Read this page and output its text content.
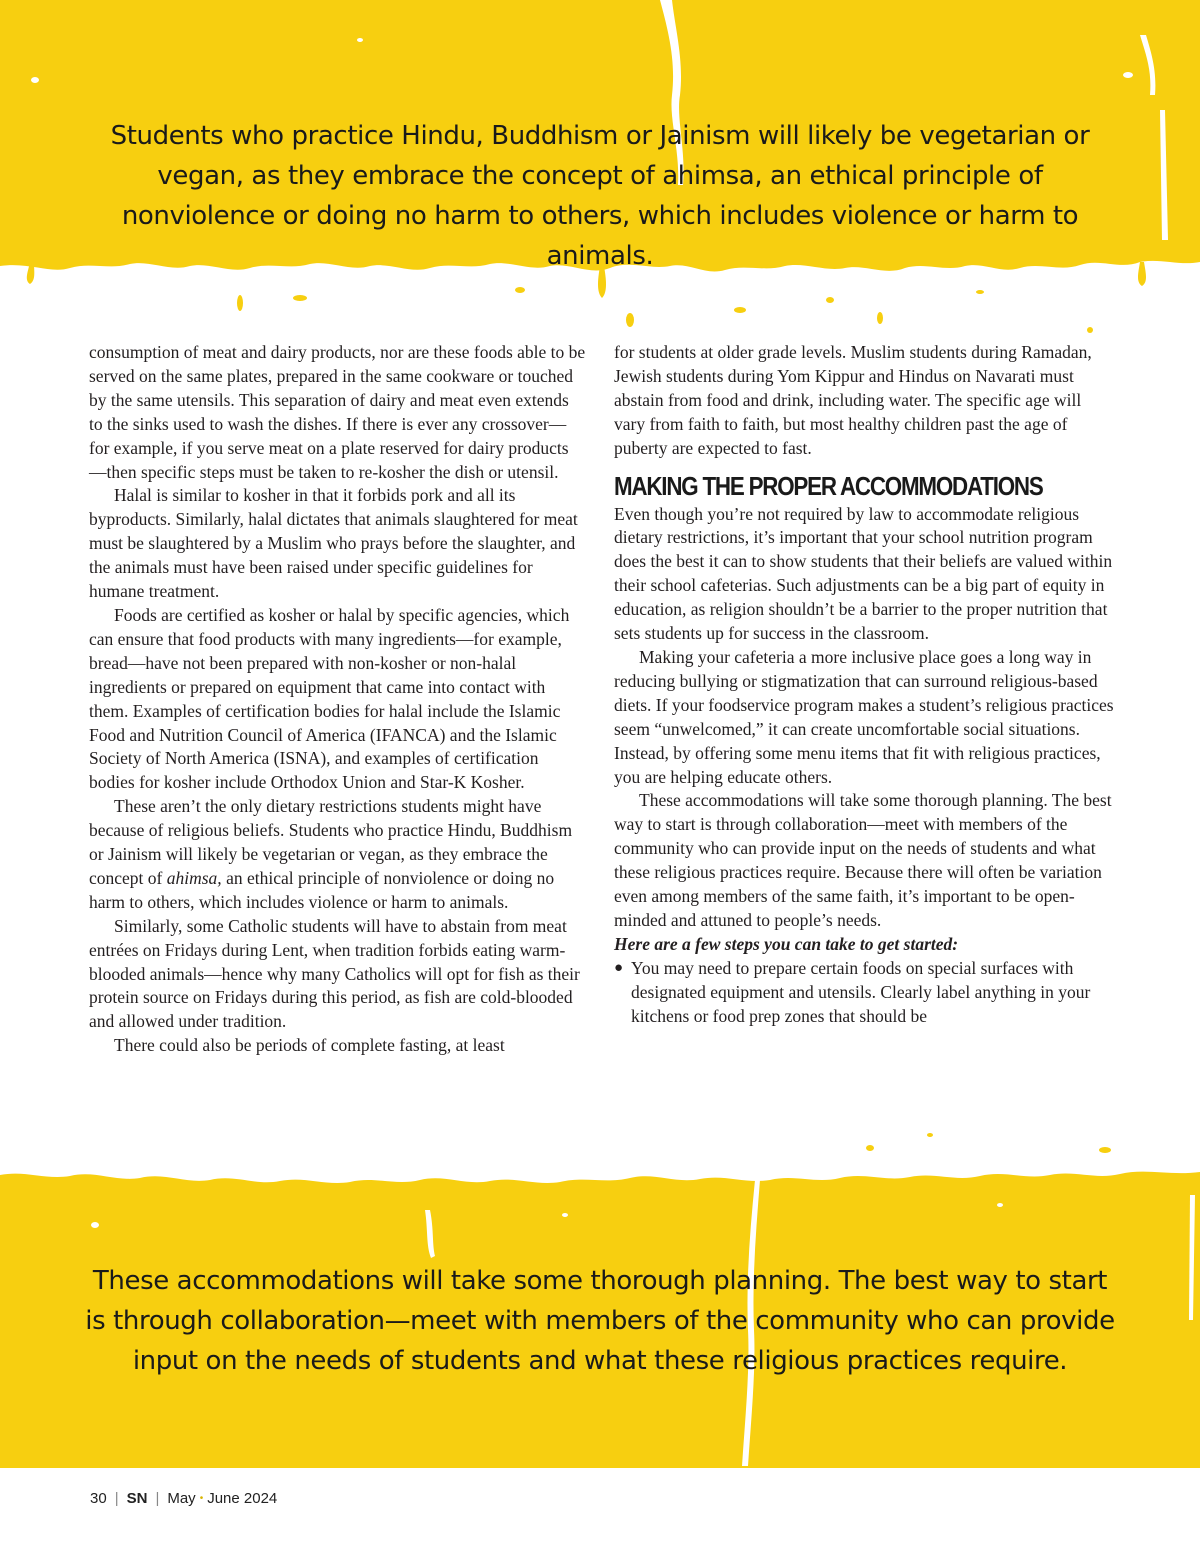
Students who practice Hindu, Buddhism or Jainism will likely be vegetarian or vegan, as they embrace the concept of ahimsa, an ethical principle of nonviolence or doing no harm to others, which includes violence or harm to animals.

consumption of meat and dairy products, nor are these foods able to be served on the same plates, prepared in the same cookware or touched by the same utensils. This separation of dairy and meat even extends to the sinks used to wash the dishes. If there is ever any crossover—for example, if you serve meat on a plate reserved for dairy products—then specific steps must be taken to re-kosher the dish or utensil.

Halal is similar to kosher in that it forbids pork and all its byproducts. Similarly, halal dictates that animals slaughtered for meat must be slaughtered by a Muslim who prays before the slaughter, and the animals must have been raised under specific guidelines for humane treatment.

Foods are certified as kosher or halal by specific agencies, which can ensure that food products with many ingredients—for example, bread—have not been prepared with non-kosher or non-halal ingredients or prepared on equipment that came into contact with them. Examples of certification bodies for halal include the Islamic Food and Nutrition Council of America (IFANCA) and the Islamic Society of North America (ISNA), and examples of certification bodies for kosher include Orthodox Union and Star-K Kosher.

These aren’t the only dietary restrictions students might have because of religious beliefs. Students who practice Hindu, Buddhism or Jainism will likely be vegetarian or vegan, as they embrace the concept of ahimsa, an ethical principle of nonviolence or doing no harm to others, which includes violence or harm to animals.

Similarly, some Catholic students will have to abstain from meat entrées on Fridays during Lent, when tradition forbids eating warm-blooded animals—hence why many Catholics will opt for fish as their protein source on Fridays during this period, as fish are cold-blooded and allowed under tradition.

There could also be periods of complete fasting, at least

for students at older grade levels. Muslim students during Ramadan, Jewish students during Yom Kippur and Hindus on Navarati must abstain from food and drink, including water. The specific age will vary from faith to faith, but most healthy children past the age of puberty are expected to fast.

MAKING THE PROPER ACCOMMODATIONS

Even though you’re not required by law to accommodate religious dietary restrictions, it’s important that your school nutrition program does the best it can to show students that their beliefs are valued within their school cafeterias. Such adjustments can be a big part of equity in education, as religion shouldn’t be a barrier to the proper nutrition that sets students up for success in the classroom.

Making your cafeteria a more inclusive place goes a long way in reducing bullying or stigmatization that can surround religious-based diets. If your foodservice program makes a student’s religious practices seem “unwelcomed,” it can create uncomfortable social situations. Instead, by offering some menu items that fit with religious practices, you are helping educate others.

These accommodations will take some thorough planning. The best way to start is through collaboration—meet with members of the community who can provide input on the needs of students and what these religious practices require. Because there will often be variation even among members of the same faith, it’s important to be open-minded and attuned to people’s needs.

Here are a few steps you can take to get started:

● You may need to prepare certain foods on special surfaces with designated equipment and utensils. Clearly label anything in your kitchens or food prep zones that should be

These accommodations will take some thorough planning. The best way to start is through collaboration—meet with members of the community who can provide input on the needs of students and what these religious practices require.

30 | SN | May • June 2024
